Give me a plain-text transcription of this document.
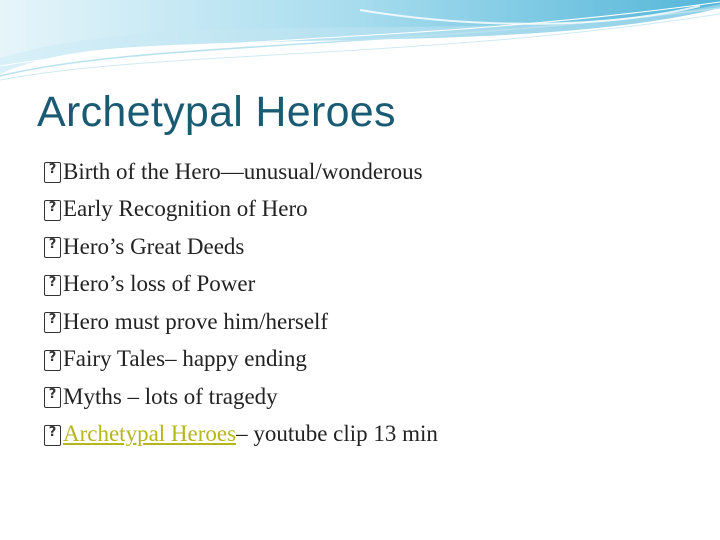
Archetypal Heroes
?
Birth of the Hero—unusual/wonderous
?
Early Recognition of Hero
?
Hero’s Great Deeds
?
Hero’s loss of Power
?
Hero must prove him/herself
?
Fairy Tales– happy ending
?
Myths – lots of tragedy
?
Archetypal Heroes – youtube clip 13 min
